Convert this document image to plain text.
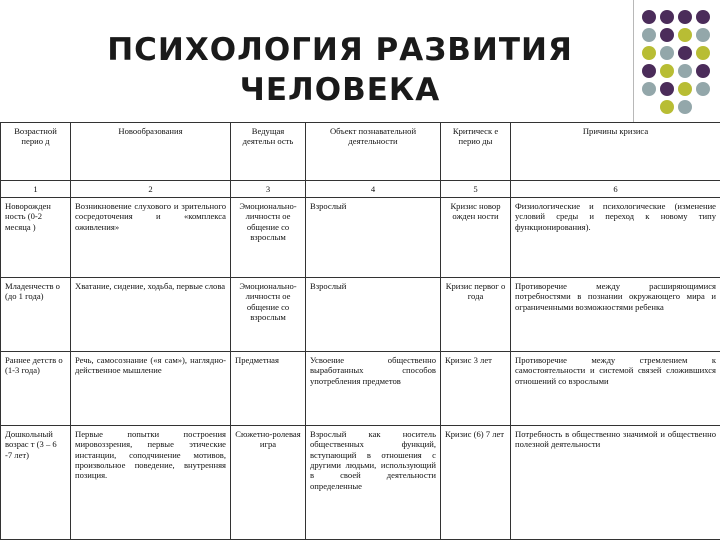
ПСИХОЛОГИЯ РАЗВИТИЯ
ЧЕЛОВЕКА
Возрастной перио д	Новообразования	Ведущая деятельн ость	Объект познавательной деятельности	Критическ е перио ды	Причины кризиса
1	2	3	4	5	6
Новорожден ность (0-2 месяца )	Возникновение слухового и зрительного сосредоточения и «комплекса оживления»	Эмоционально-личностн ое общение со взрослым	Взрослый	Кризис новор ожден ности	Физиологические и психологические (изменение условий среды и переход к новому типу функционирования).
Младенчеств о (до 1 года)	Хватание, сидение, ходьба, первые слова	Эмоционально-личностн ое общение со взрослым	Взрослый	Кризис первог о года	Противоречие между расширяющимися потребностями в познании окружающего мира и ограниченными возможностями ребенка
Раннее детств о (1-3 года)	Речь, самосознание («я сам»), наглядно-действенное мышление	Предметная	Усвоение общественно выработанных способов употребления предметов	Кризис 3 лет	Противоречие между стремлением к самостоятельности и системой связей сложившихся отношений со взрослыми
Дошкольный возрас т (3 – 6 -7 лет)	Первые попытки построения мировоззрения, первые этические инстанции, соподчинение мотивов, произвольное поведение, внутренняя позиция.	Сюжетно-ролевая игра	Взрослый как носитель общественных функций, вступающий в отношения с другими людьми, использующий в своей деятельности определенные	Кризис (6) 7 лет	Потребность в общественно значимой и общественно полезной деятельности
